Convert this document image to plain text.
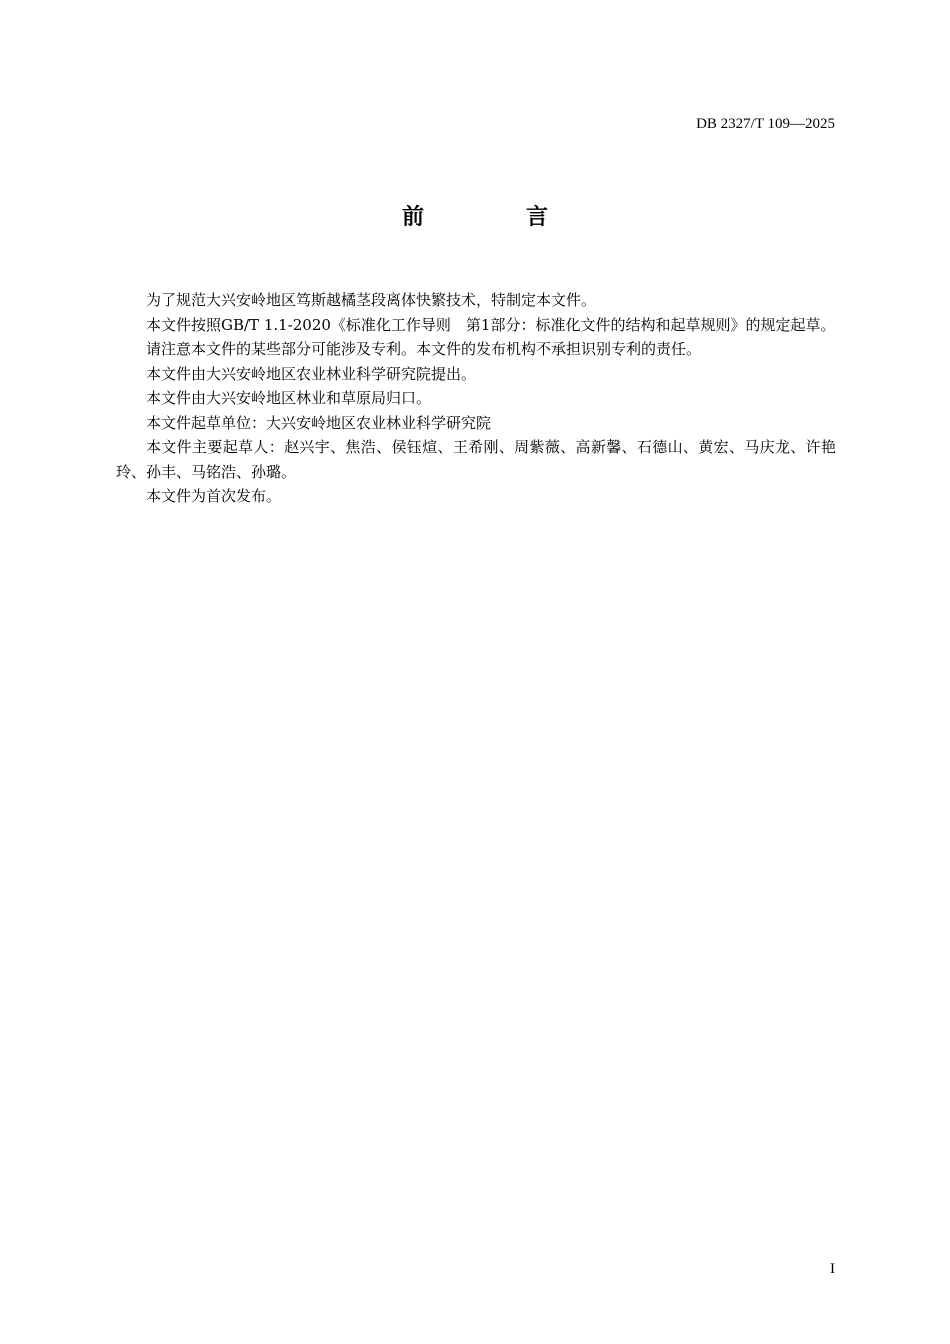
DB 2327/T 109—2025
前　言

为了规范大兴安岭地区笃斯越橘茎段离体快繁技术，特制定本文件。

本文件按照GB/T 1.1-2020《标准化工作导则　第1部分：标准化文件的结构和起草规则》的规定起草。

请注意本文件的某些部分可能涉及专利。本文件的发布机构不承担识别专利的责任。

本文件由大兴安岭地区农业林业科学研究院提出。

本文件由大兴安岭地区林业和草原局归口。

本文件起草单位：大兴安岭地区农业林业科学研究院

本文件主要起草人：赵兴宇、焦浩、侯钰煊、王希刚、周紫薇、高新馨、石德山、黄宏、马庆龙、许艳玲、孙丰、马铭浩、孙璐。

本文件为首次发布。

I
